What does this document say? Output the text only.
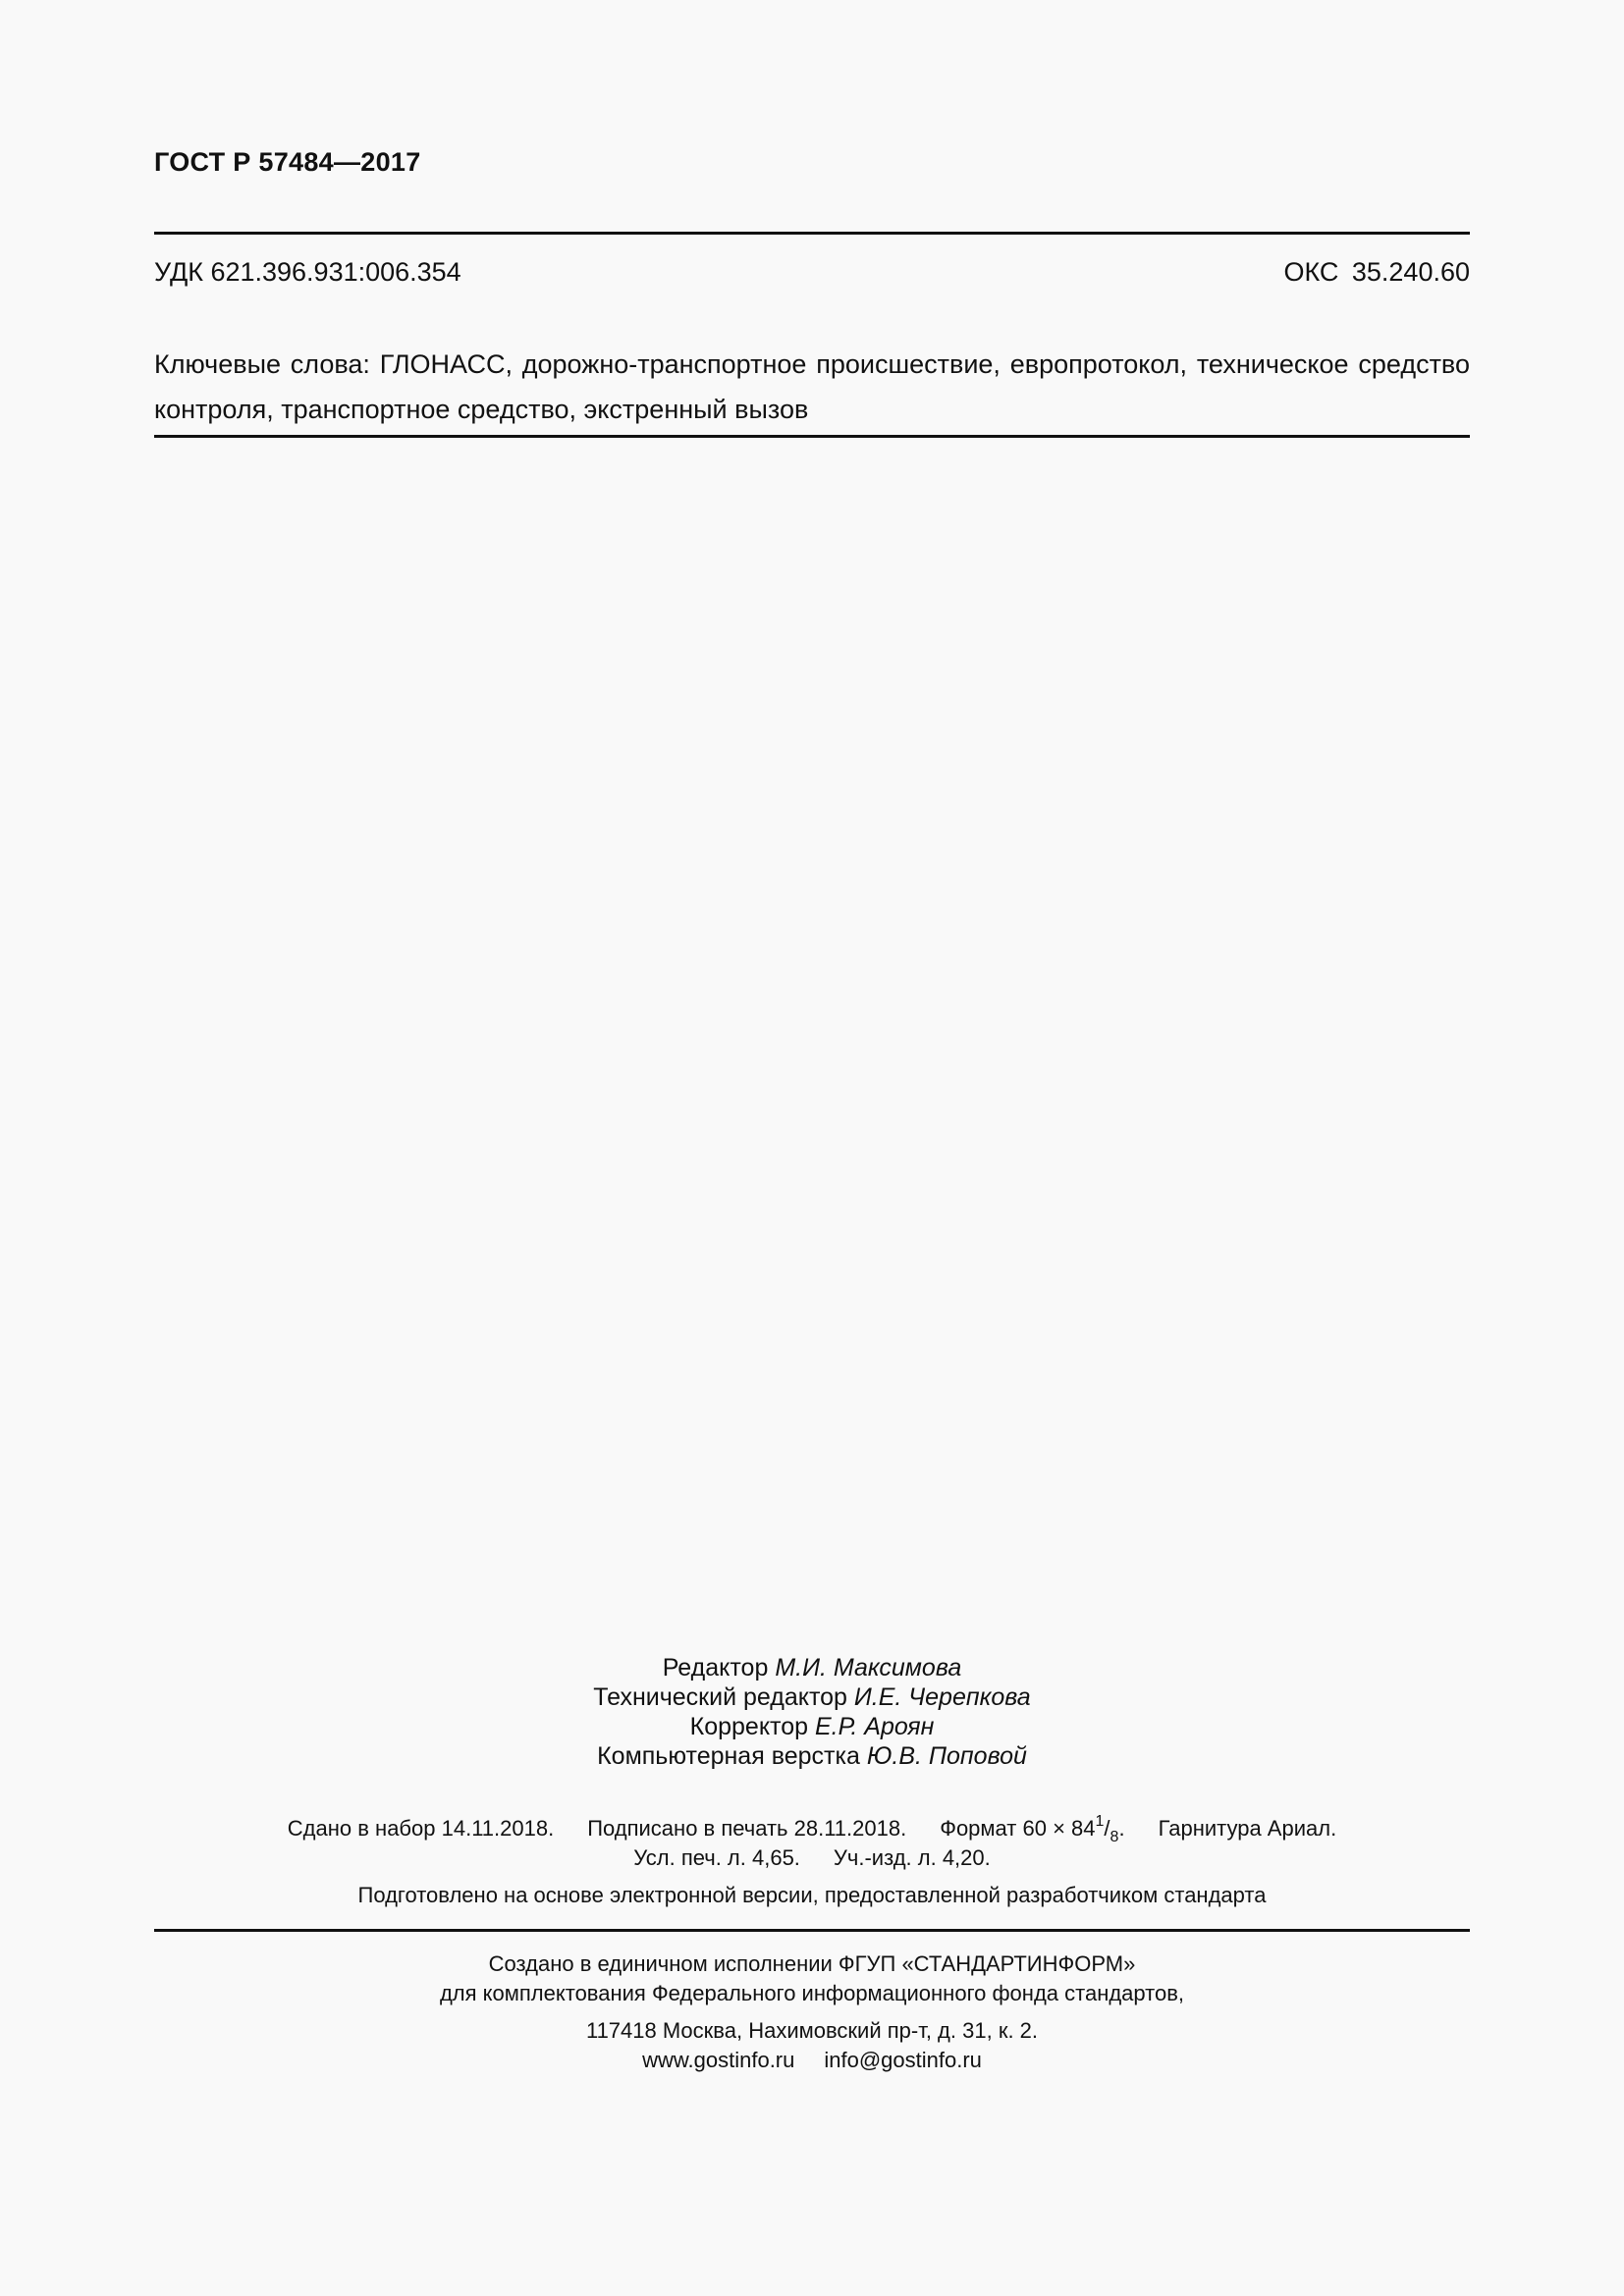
ГОСТ Р 57484—2017
УДК 621.396.931:006.354	ОКС 35.240.60
Ключевые слова: ГЛОНАСС, дорожно-транспортное происшествие, европротокол, техническое средство контроля, транспортное средство, экстренный вызов
Редактор М.И. Максимова
Технический редактор И.Е. Черепкова
Корректор Е.Р. Ароян
Компьютерная верстка Ю.В. Поповой
Сдано в набор 14.11.2018. Подписано в печать 28.11.2018. Формат $60 \times 84^1/_8$. Гарнитура Ариал.
Усл. печ. л. 4,65. Уч.-изд. л. 4,20.
Подготовлено на основе электронной версии, предоставленной разработчиком стандарта
Создано в единичном исполнении ФГУП «СТАНДАРТИНФОРМ»
для комплектования Федерального информационного фонда стандартов,
117418 Москва, Нахимовский пр-т, д. 31, к. 2.
www.gostinfo.ru info@gostinfo.ru
